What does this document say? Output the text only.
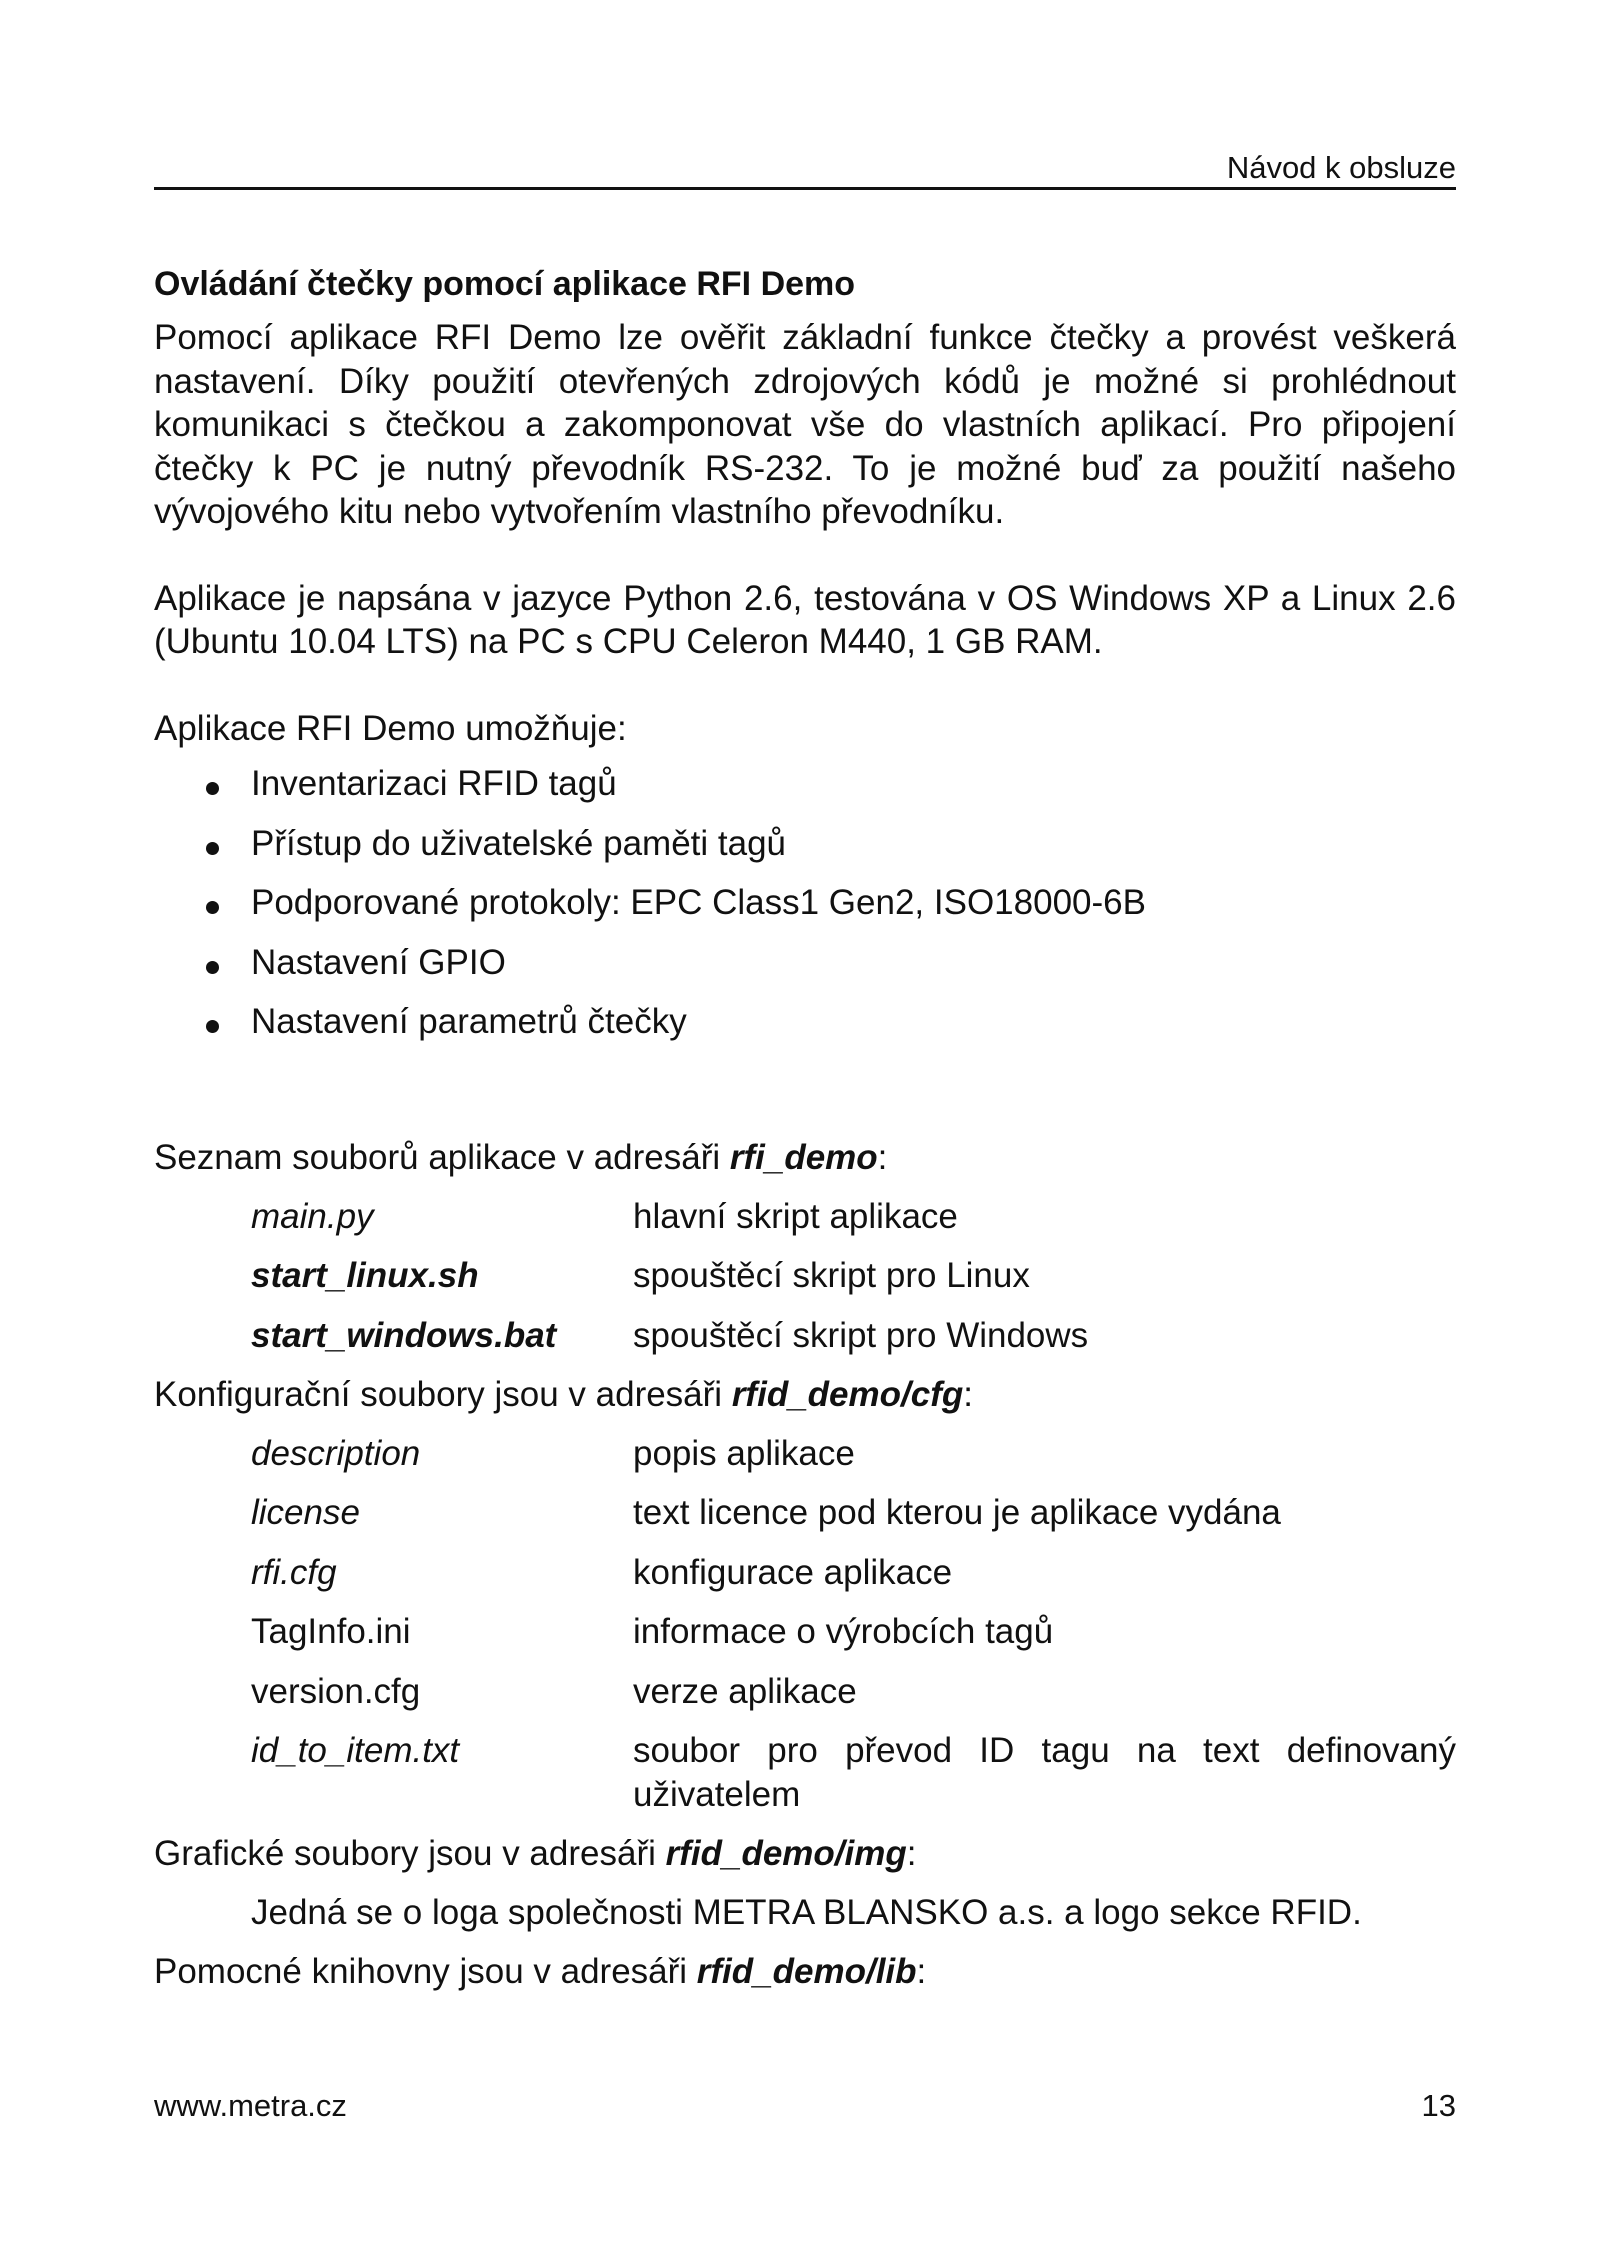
Návod k obsluze
Ovládání čtečky pomocí aplikace RFI Demo

Pomocí aplikace RFI Demo lze ověřit základní funkce čtečky a provést veškerá nastavení. Díky použití otevřených zdrojových kódů je možné si prohlédnout komunikaci s čtečkou a zakomponovat vše do vlastních aplikací. Pro připojení čtečky k PC je nutný převodník RS-232. To je možné buď za použití našeho vývojového kitu nebo vytvořením vlastního převodníku.

Aplikace je napsána v jazyce Python 2.6, testována v OS Windows XP a Linux 2.6 (Ubuntu 10.04 LTS) na PC s CPU Celeron M440, 1 GB RAM.

Aplikace RFI Demo umožňuje:

Inventarizaci RFID tagů
Přístup do uživatelské paměti tagů
Podporované protokoly: EPC Class1 Gen2, ISO18000-6B
Nastavení GPIO
Nastavení parametrů čtečky
Seznam souborů aplikace v adresáři rfi_demo:
main.py	hlavní skript aplikace
start_linux.sh	spouštěcí skript pro Linux
start_windows.bat	spouštěcí skript pro Windows
Konfigurační soubory jsou v adresáři rfid_demo/cfg:
description	popis aplikace
license	text licence pod kterou je aplikace vydána
rfi.cfg	konfigurace aplikace
TagInfo.ini	informace o výrobcích tagů
version.cfg	verze aplikace
id_to_item.txt	soubor pro převod ID tagu na text definovaný uživatelem
Grafické soubory jsou v adresáři rfid_demo/img:
Jedná se o loga společnosti METRA BLANSKO a.s. a logo sekce RFID.
Pomocné knihovny jsou v adresáři rfid_demo/lib:
www.metra.cz	13
